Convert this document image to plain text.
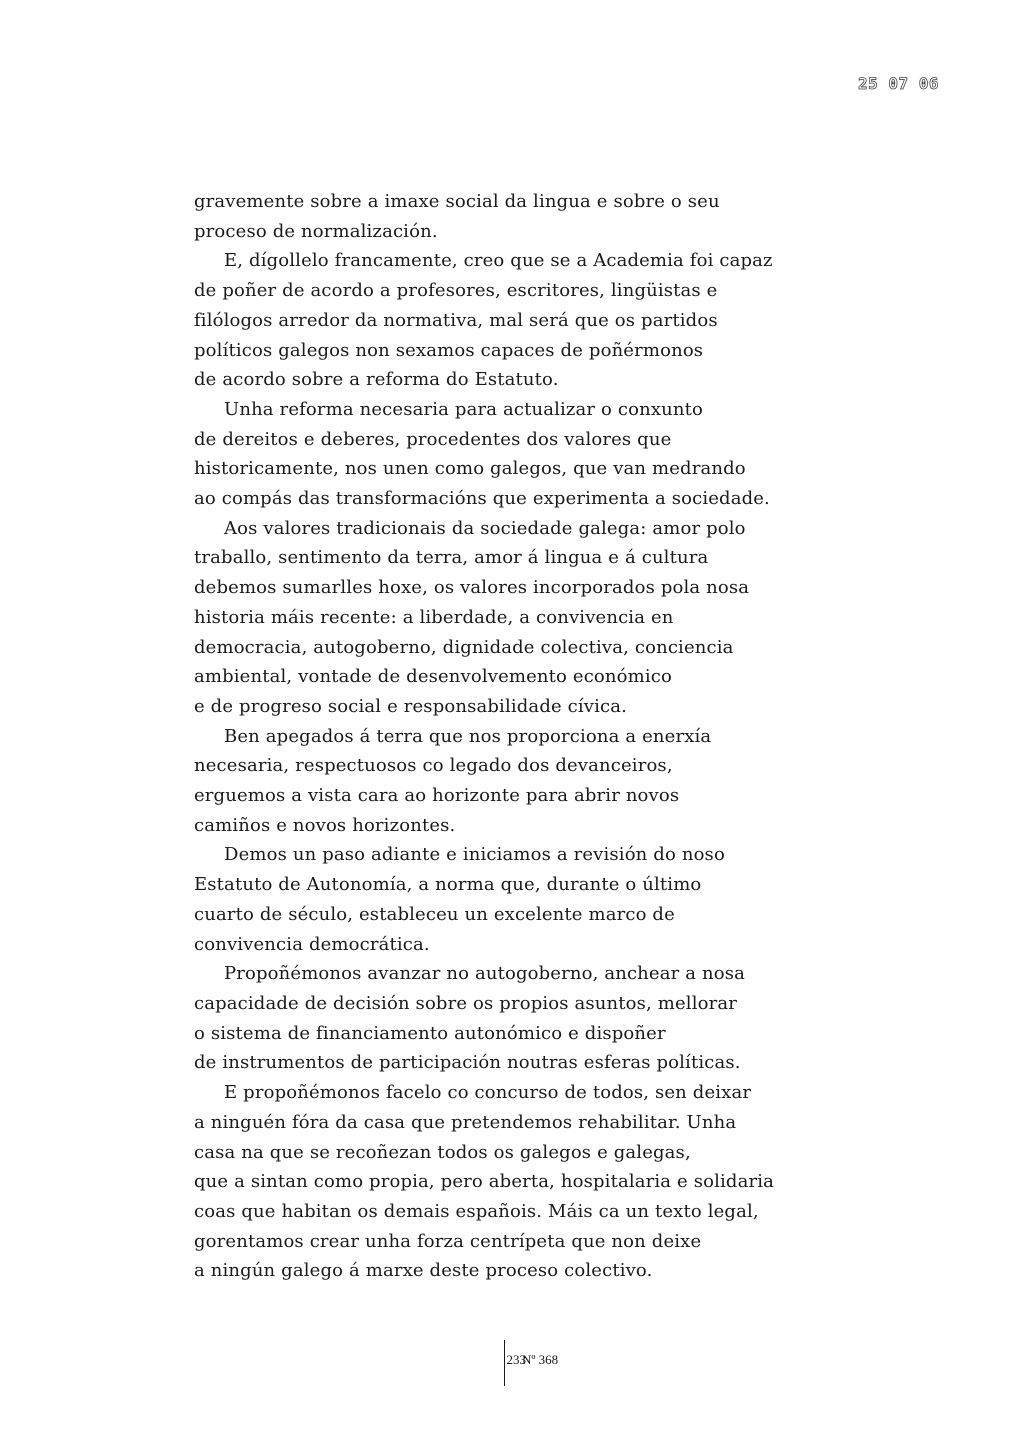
25 07 06
gravemente sobre a imaxe social da lingua e sobre o seu
proceso de normalización.
E, dígollelo francamente, creo que se a Academia foi capaz
de poñer de acordo a profesores, escritores, lingüistas e
filólogos arredor da normativa, mal será que os partidos
políticos galegos non sexamos capaces de poñérmonos
de acordo sobre a reforma do Estatuto.
Unha reforma necesaria para actualizar o conxunto
de dereitos e deberes, procedentes dos valores que
historicamente, nos unen como galegos, que van medrando
ao compás das transformacións que experimenta a sociedade.
Aos valores tradicionais da sociedade galega: amor polo
traballo, sentimento da terra, amor á lingua e á cultura
debemos sumarlles hoxe, os valores incorporados pola nosa
historia máis recente: a liberdade, a convivencia en
democracia, autogoberno, dignidade colectiva, conciencia
ambiental, vontade de desenvolvemento económico
e de progreso social e responsabilidade cívica.
Ben apegados á terra que nos proporciona a enerxía
necesaria, respectuosos co legado dos devanceiros,
erguemos a vista cara ao horizonte para abrir novos
camiños e novos horizontes.
Demos un paso adiante e iniciamos a revisión do noso
Estatuto de Autonomía, a norma que, durante o último
cuarto de século, estableceu un excelente marco de
convivencia democrática.
Propoñémonos avanzar no autogoberno, anchear a nosa
capacidade de decisión sobre os propios asuntos, mellorar
o sistema de financiamento autonómico e dispoñer
de instrumentos de participación noutras esferas políticas.
E propoñémonos facelo co concurso de todos, sen deixar
a ninguén fóra da casa que pretendemos rehabilitar. Unha
casa na que se recoñezan todos os galegos e galegas,
que a sintan como propia, pero aberta, hospitalaria e solidaria
coas que habitan os demais españois. Máis ca un texto legal,
gorentamos crear unha forza centrípeta que non deixe
a ningún galego á marxe deste proceso colectivo.
233
Nº 368
